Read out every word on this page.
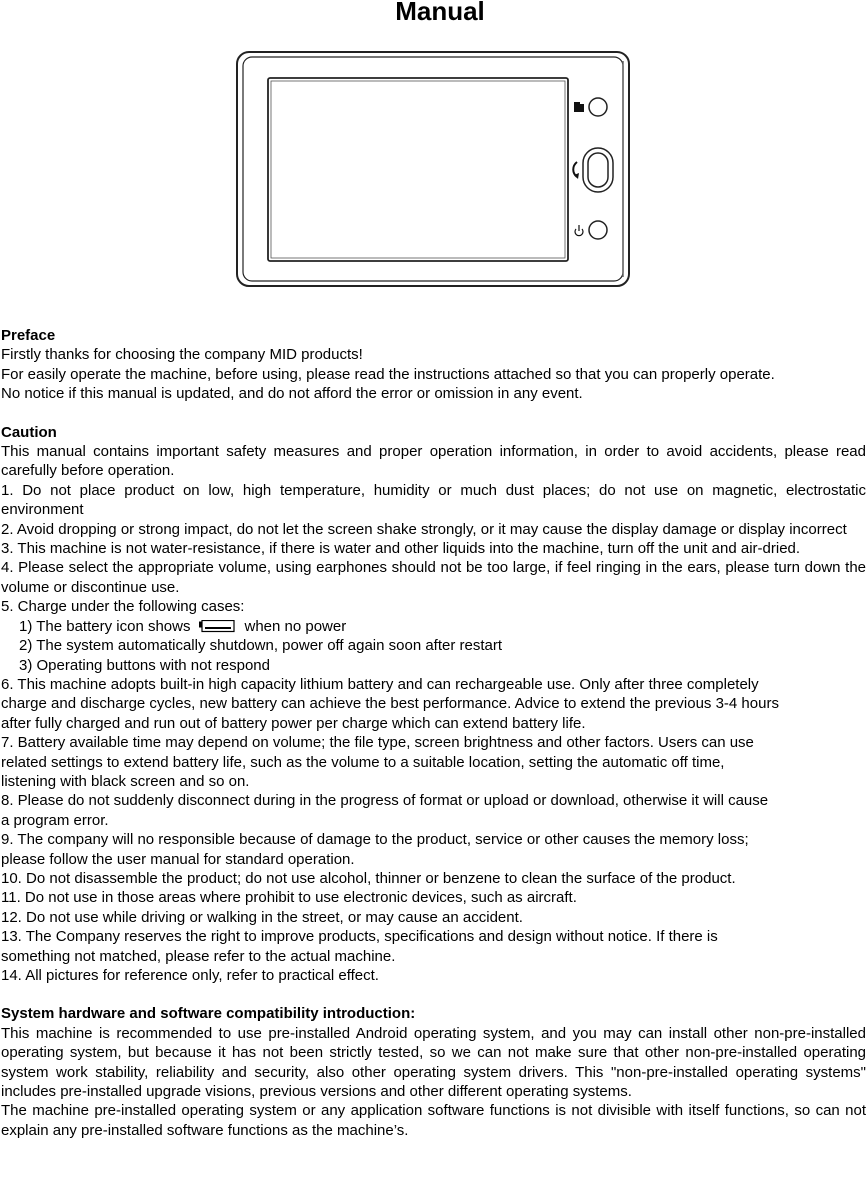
Manual
Preface
Firstly thanks for choosing the company MID products!
For easily operate the machine, before using, please read the instructions attached so that you can properly operate.
No notice if this manual is updated, and do not afford the error or omission in any event.
Caution
This manual contains important safety measures and proper operation information, in order to avoid accidents, please read carefully before operation.
1. Do not place product on low, high temperature, humidity or much dust places; do not use on magnetic, electrostatic environment
2. Avoid dropping or strong impact, do not let the screen shake strongly, or it may cause the display damage or display incorrect
3. This machine is not water-resistance, if there is water and other liquids into the machine, turn off the unit and air-dried.
4. Please select the appropriate volume, using earphones should not be too large, if feel ringing in the ears, please turn down the volume or discontinue use.
5. Charge under the following cases:
1) The battery icon shows	when no power
2) The system automatically shutdown, power off again soon after restart
3) Operating buttons with not respond
6. This machine adopts built-in high capacity lithium battery and can rechargeable use. Only after three completely
charge and discharge cycles, new battery can achieve the best performance. Advice to extend the previous 3-4 hours
after fully charged and run out of battery power per charge which can extend battery life.
7. Battery available time may depend on volume; the file type, screen brightness and other factors. Users can use
related settings to extend battery life, such as the volume to a suitable location, setting the automatic off time,
listening with black screen and so on.
8. Please do not suddenly disconnect during in the progress of format or upload or download, otherwise it will cause
a program error.
9. The company will no responsible because of damage to the product, service or other causes the memory loss;
please follow the user manual for standard operation.
10. Do not disassemble the product; do not use alcohol, thinner or benzene to clean the surface of the product.
11. Do not use in those areas where prohibit to use electronic devices, such as aircraft.
12. Do not use while driving or walking in the street, or may cause an accident.
13. The Company reserves the right to improve products, specifications and design without notice. If there is
something not matched, please refer to the actual machine.
14. All pictures for reference only, refer to practical effect.
System hardware and software compatibility introduction:
This machine is recommended to use pre-installed Android operating system, and you may can install other non-pre-installed operating system, but because it has not been strictly tested, so we can not make sure that other non-pre-installed operating system work stability, reliability and security, also other operating system drivers. This "non-pre-installed operating systems" includes pre-installed upgrade visions, previous versions and other different operating systems.
The machine pre-installed operating system or any application software functions is not divisible with itself functions, so can not explain any pre-installed software functions as the machine’s.
